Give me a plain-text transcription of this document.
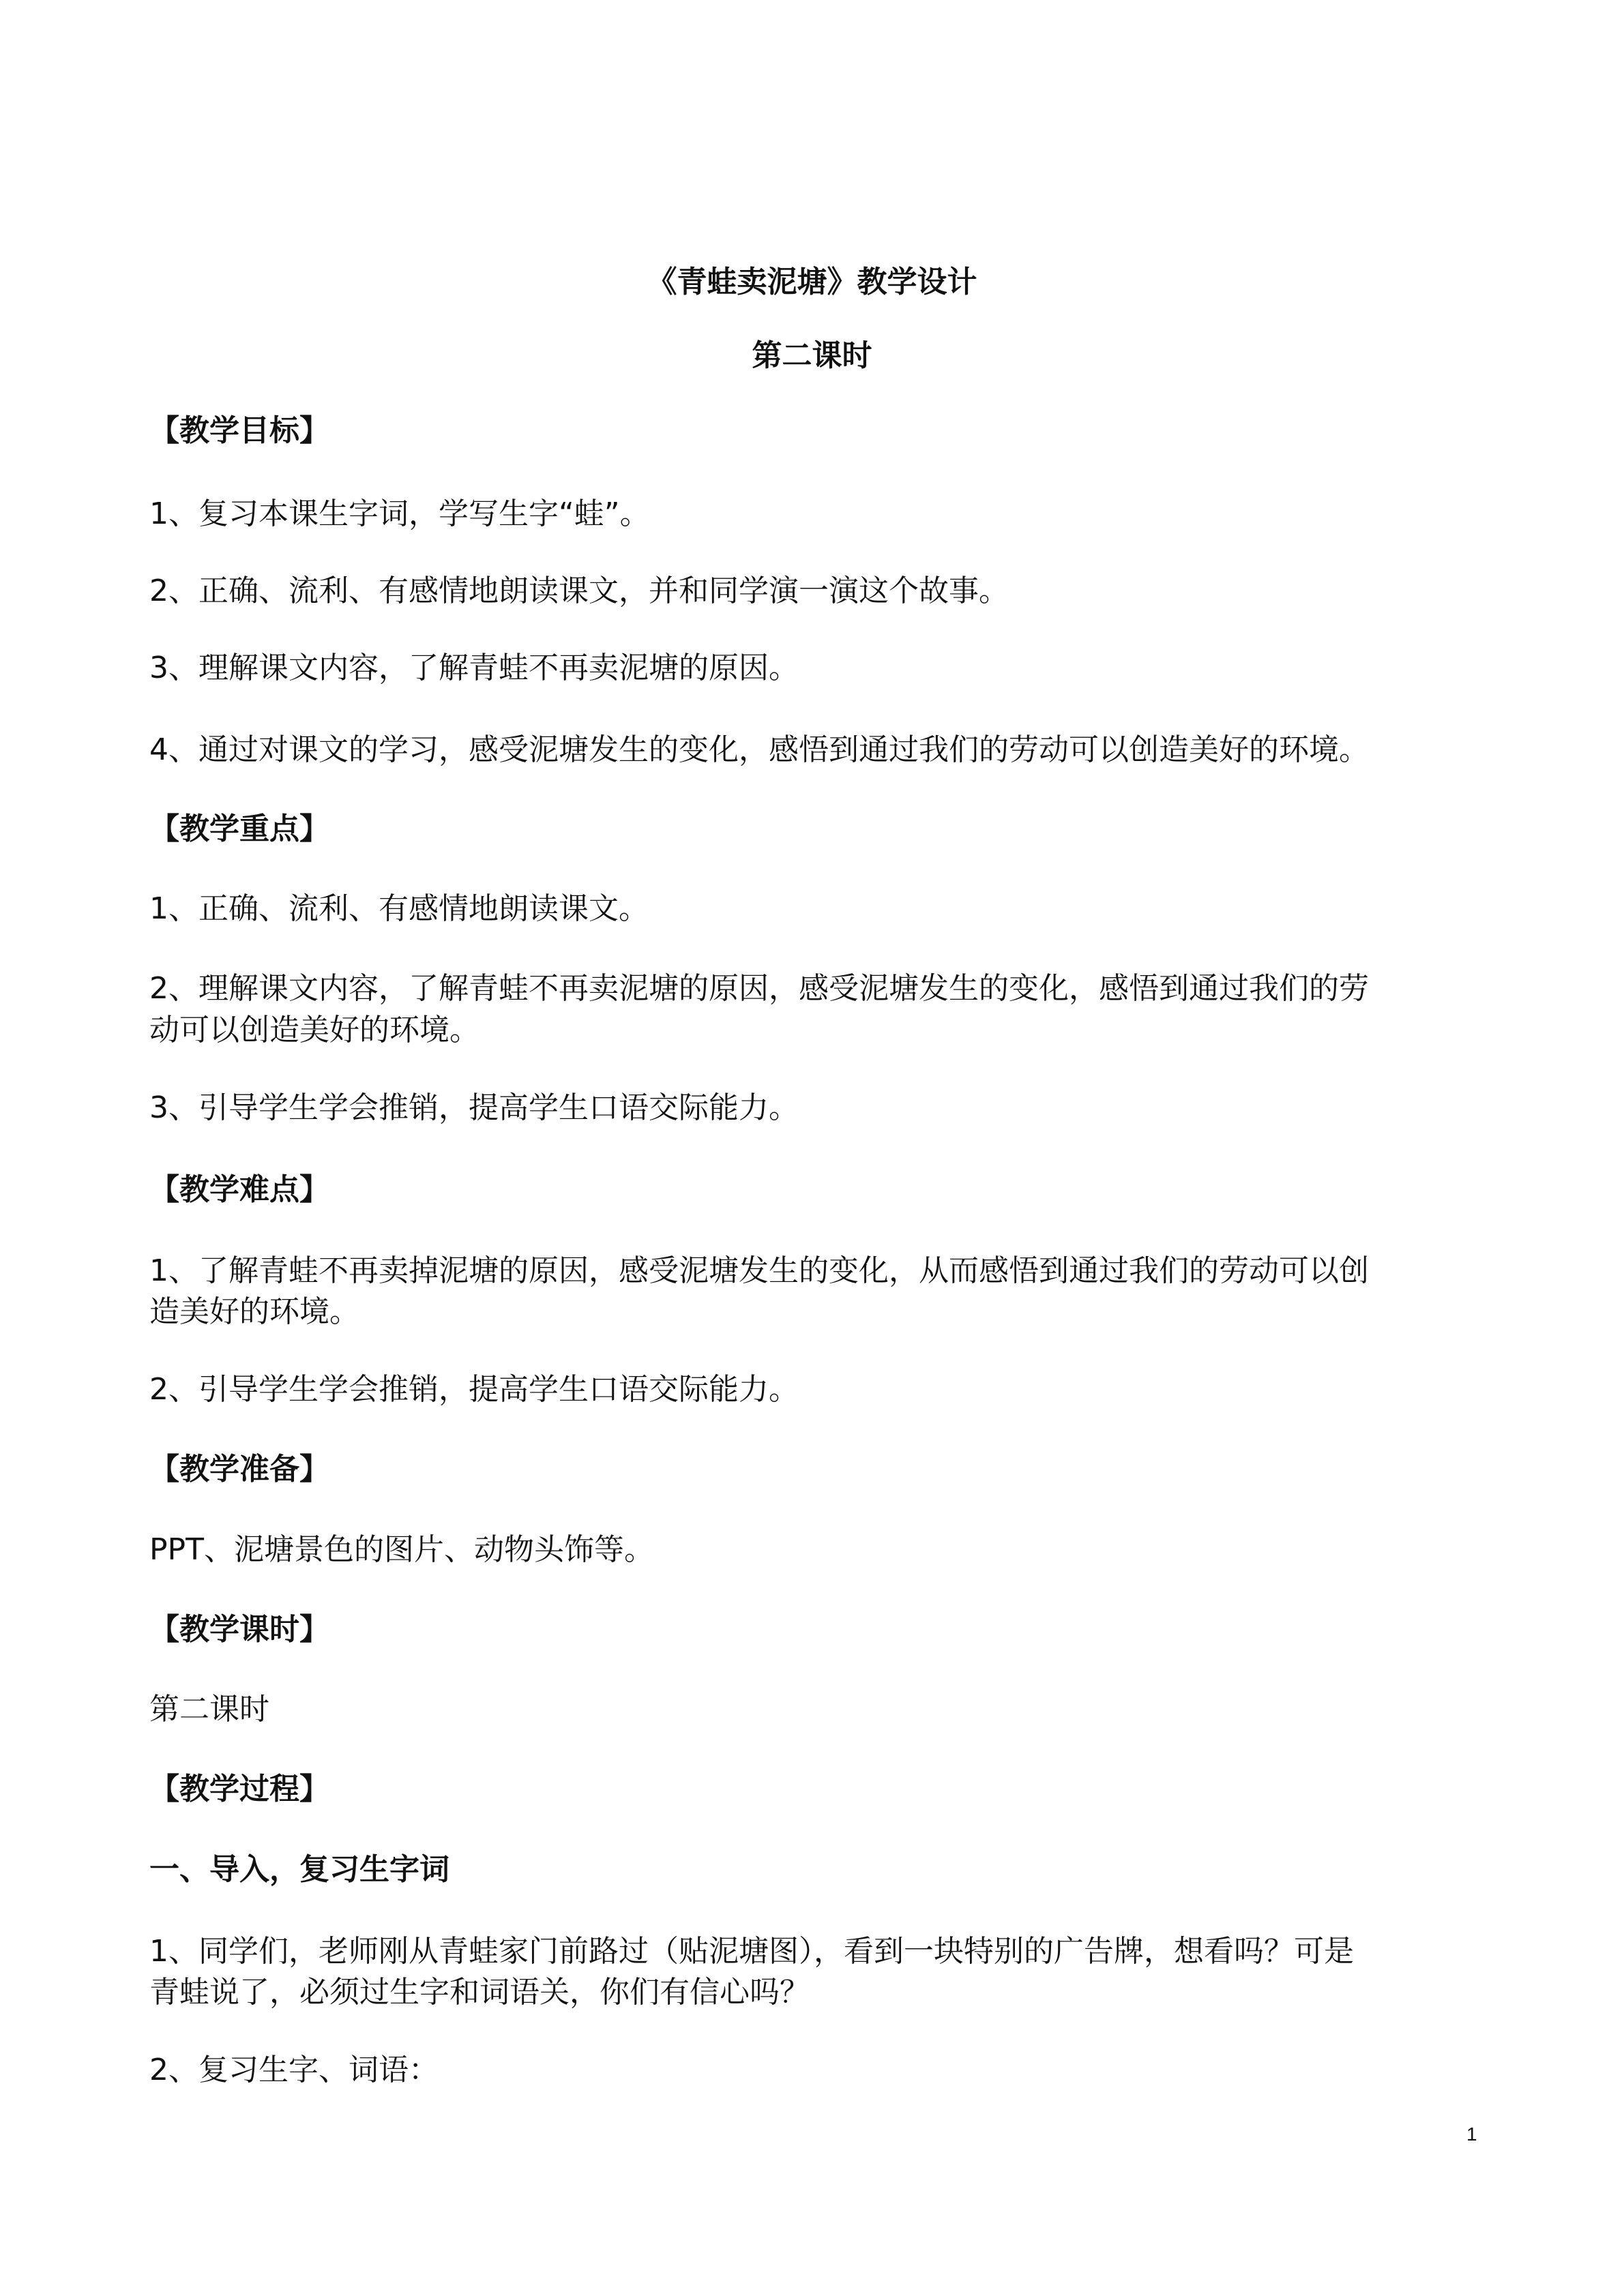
《青蛙卖泥塘》教学设计
第二课时
【教学目标】
1、复习本课生字词，学写生字“蛙”。
2、正确、流利、有感情地朗读课文，并和同学演一演这个故事。
3、理解课文内容，了解青蛙不再卖泥塘的原因。
4、通过对课文的学习，感受泥塘发生的变化，感悟到通过我们的劳动可以创造美好的环境。
【教学重点】
1、正确、流利、有感情地朗读课文。
2、理解课文内容，了解青蛙不再卖泥塘的原因，感受泥塘发生的变化，感悟到通过我们的劳
动可以创造美好的环境。
3、引导学生学会推销，提高学生口语交际能力。
【教学难点】
1、了解青蛙不再卖掉泥塘的原因，感受泥塘发生的变化，从而感悟到通过我们的劳动可以创
造美好的环境。
2、引导学生学会推销，提高学生口语交际能力。
【教学准备】
PPT、泥塘景色的图片、动物头饰等。
【教学课时】
第二课时
【教学过程】
一、导入，复习生字词
1、同学们，老师刚从青蛙家门前路过（贴泥塘图），看到一块特别的广告牌，想看吗？可是
青蛙说了，必须过生字和词语关，你们有信心吗？
2、复习生字、词语：
1
